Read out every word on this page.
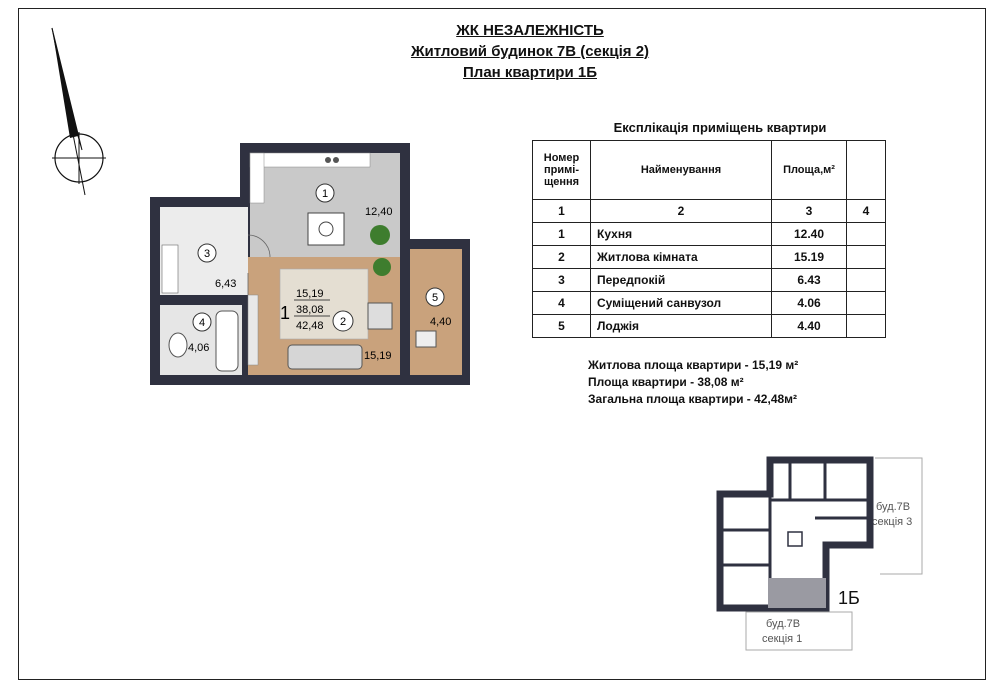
ЖК НЕЗАЛЕЖНІСТЬ
Житловий будинок 7В (секція 2)
План квартири 1Б
1
12,40
3
6,43
4
4,06
2
15,19
5
4,40
1
15,19
38,08
42,48
Експлікація приміщень квартири
Номер
примі-
щення	Найменування	Площа,м²	
1	2	3	4
1	Кухня	12.40	
2	Житлова кімната	15.19	
3	Передпокій	6.43	
4	Суміщений санвузол	4.06	
5	Лоджія	4.40	
Житлова площа квартири - 15,19 м²
Площа квартири - 38,08 м²
Загальна площа квартири - 42,48м²
буд.7В
секція 3
буд.7В
секція 1
1Б
